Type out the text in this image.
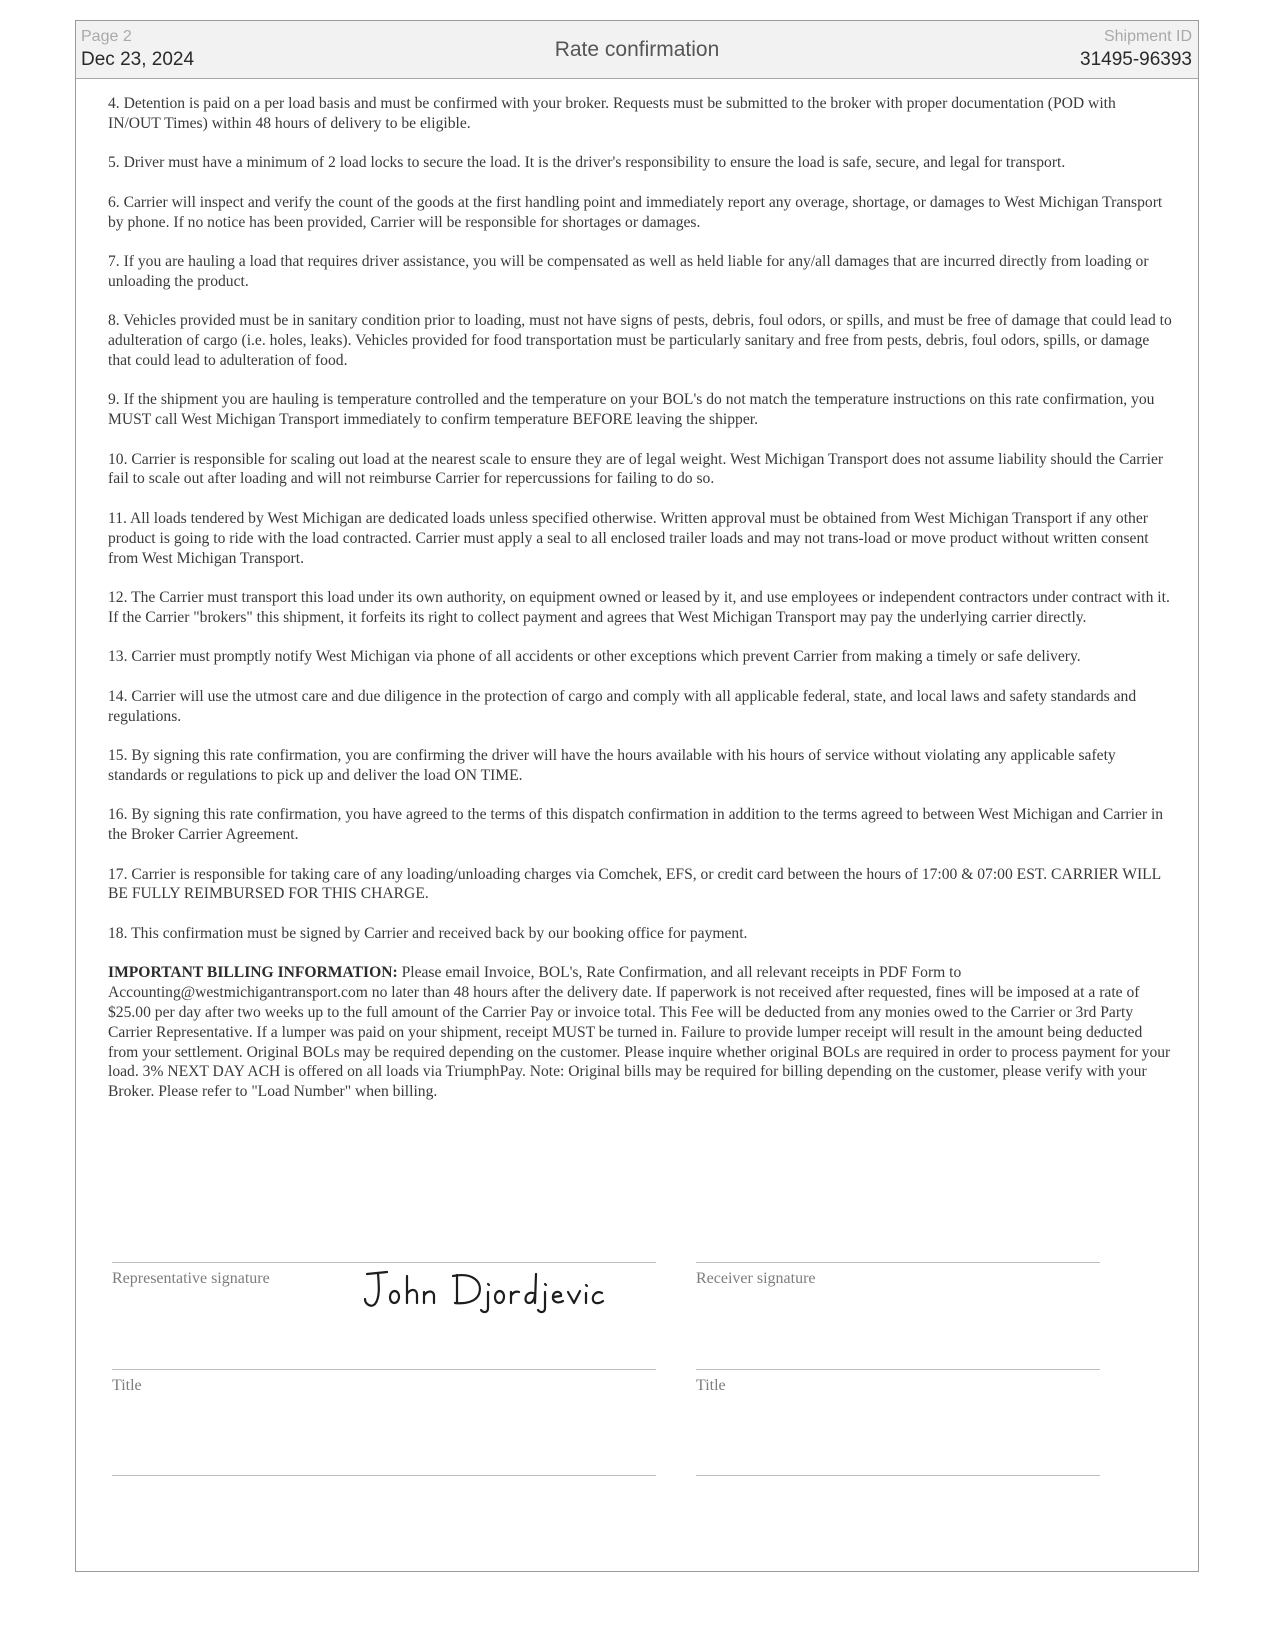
Page 2
Dec 23, 2024	Rate confirmation
Shipment ID
31495-96393

4. Detention is paid on a per load basis and must be confirmed with your broker. Requests must be submitted to the broker with proper documentation (POD with IN/OUT Times) within 48 hours of delivery to be eligible.

5. Driver must have a minimum of 2 load locks to secure the load. It is the driver's responsibility to ensure the load is safe, secure, and legal for transport.

6. Carrier will inspect and verify the count of the goods at the first handling point and immediately report any overage, shortage, or damages to West Michigan Transport by phone. If no notice has been provided, Carrier will be responsible for shortages or damages.

7. If you are hauling a load that requires driver assistance, you will be compensated as well as held liable for any/all damages that are incurred directly from loading or unloading the product.

8. Vehicles provided must be in sanitary condition prior to loading, must not have signs of pests, debris, foul odors, or spills, and must be free of damage that could lead to adulteration of cargo (i.e. holes, leaks). Vehicles provided for food transportation must be particularly sanitary and free from pests, debris, foul odors, spills, or damage that could lead to adulteration of food.

9. If the shipment you are hauling is temperature controlled and the temperature on your BOL's do not match the temperature instructions on this rate confirmation, you MUST call West Michigan Transport immediately to confirm temperature BEFORE leaving the shipper.

10. Carrier is responsible for scaling out load at the nearest scale to ensure they are of legal weight. West Michigan Transport does not assume liability should the Carrier fail to scale out after loading and will not reimburse Carrier for repercussions for failing to do so.

11. All loads tendered by West Michigan are dedicated loads unless specified otherwise. Written approval must be obtained from West Michigan Transport if any other product is going to ride with the load contracted. Carrier must apply a seal to all enclosed trailer loads and may not trans-load or move product without written consent from West Michigan Transport.

12. The Carrier must transport this load under its own authority, on equipment owned or leased by it, and use employees or independent contractors under contract with it. If the Carrier "brokers" this shipment, it forfeits its right to collect payment and agrees that West Michigan Transport may pay the underlying carrier directly.

13. Carrier must promptly notify West Michigan via phone of all accidents or other exceptions which prevent Carrier from making a timely or safe delivery.

14. Carrier will use the utmost care and due diligence in the protection of cargo and comply with all applicable federal, state, and local laws and safety standards and regulations.

15. By signing this rate confirmation, you are confirming the driver will have the hours available with his hours of service without violating any applicable safety standards or regulations to pick up and deliver the load ON TIME.

16. By signing this rate confirmation, you have agreed to the terms of this dispatch confirmation in addition to the terms agreed to between West Michigan and Carrier in the Broker Carrier Agreement.

17. Carrier is responsible for taking care of any loading/unloading charges via Comchek, EFS, or credit card between the hours of 17:00 & 07:00 EST. CARRIER WILL BE FULLY REIMBURSED FOR THIS CHARGE.

18. This confirmation must be signed by Carrier and received back by our booking office for payment.

IMPORTANT BILLING INFORMATION: Please email Invoice, BOL's, Rate Confirmation, and all relevant receipts in PDF Form to Accounting@westmichigantransport.com no later than 48 hours after the delivery date. If paperwork is not received after requested, fines will be imposed at a rate of $25.00 per day after two weeks up to the full amount of the Carrier Pay or invoice total. This Fee will be deducted from any monies owed to the Carrier or 3rd Party Carrier Representative. If a lumper was paid on your shipment, receipt MUST be turned in. Failure to provide lumper receipt will result in the amount being deducted from your settlement. Original BOLs may be required depending on the customer. Please inquire whether original BOLs are required in order to process payment for your load. 3% NEXT DAY ACH is offered on all loads via TriumphPay. Note: Original bills may be required for billing depending on the customer, please verify with your Broker. Please refer to "Load Number" when billing.

Representative signature	Receiver signature
Title	Title
